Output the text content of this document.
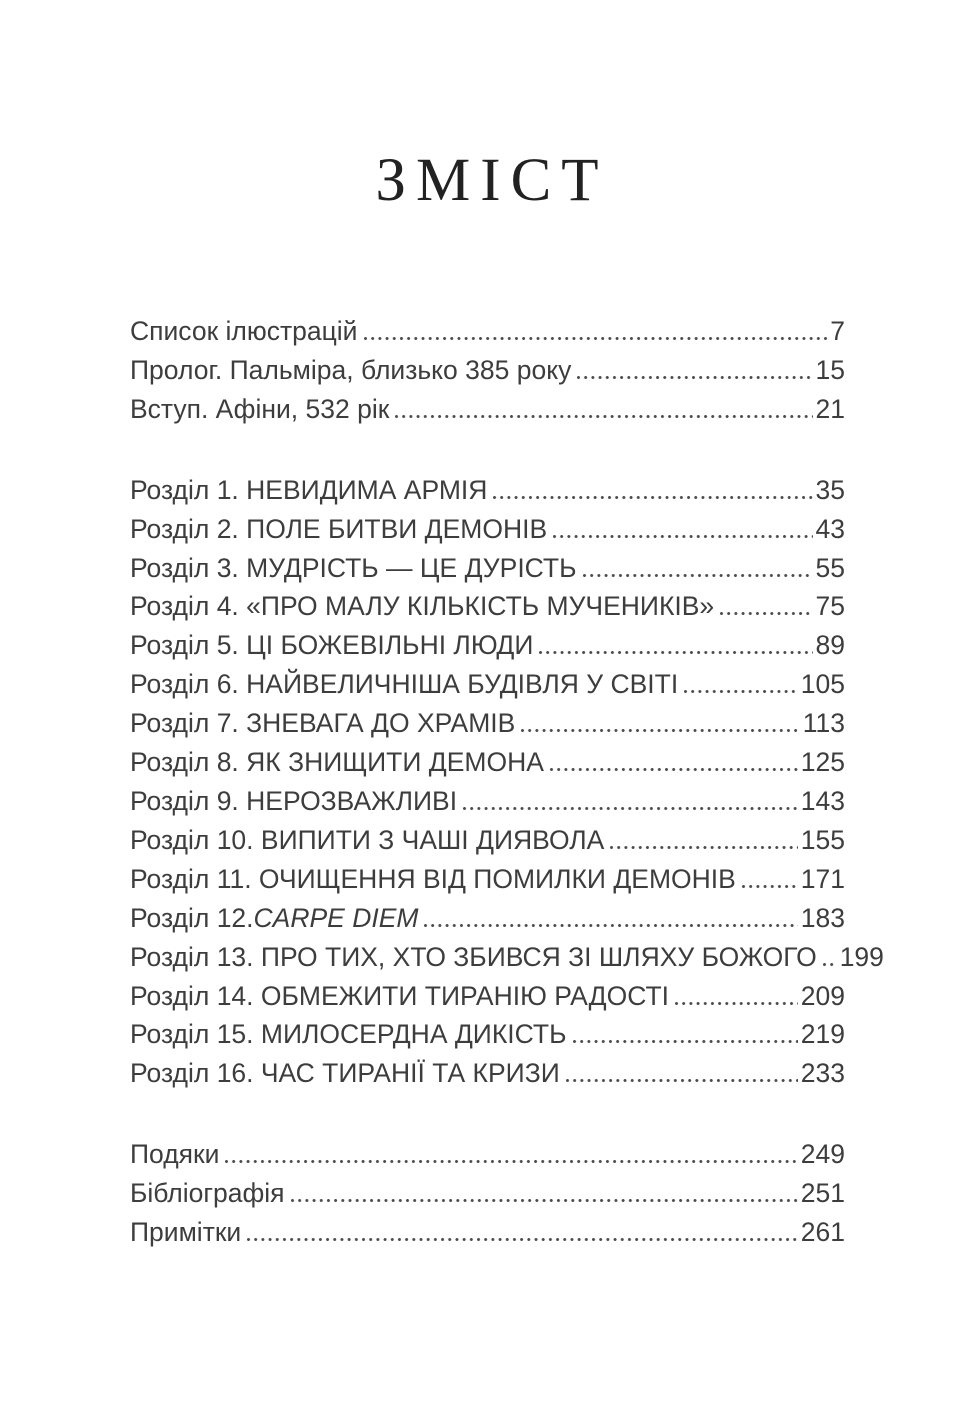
ЗМІСТ
Список ілюстрацій	7
Пролог. Пальміра, близько 385 року	15
Вступ. Афіни, 532 рік	21
Розділ 1. НЕВИДИМА АРМІЯ	35
Розділ 2. ПОЛЕ БИТВИ ДЕМОНІВ	43
Розділ 3. МУДРІСТЬ — ЦЕ ДУРІСТЬ	55
Розділ 4. «ПРО МАЛУ КІЛЬКІСТЬ МУЧЕНИКІВ»	75
Розділ 5. ЦІ БОЖЕВІЛЬНІ ЛЮДИ	89
Розділ 6. НАЙВЕЛИЧНІША БУДІВЛЯ У СВІТІ	105
Розділ 7. ЗНЕВАГА ДО ХРАМІВ	113
Розділ 8. ЯК ЗНИЩИТИ ДЕМОНА	125
Розділ 9. НЕРОЗВАЖЛИВІ	143
Розділ 10. ВИПИТИ З ЧАШІ ДИЯВОЛА	155
Розділ 11. ОЧИЩЕННЯ ВІД ПОМИЛКИ ДЕМОНІВ 171
Розділ 12. CARPE DIEM	183
Розділ 13. ПРО ТИХ, ХТО ЗБИВСЯ ЗІ ШЛЯХУ БОЖОГО 199
Розділ 14. ОБМЕЖИТИ ТИРАНІЮ РАДОСТІ	209
Розділ 15. МИЛОСЕРДНА ДИКІСТЬ	219
Розділ 16. ЧАС ТИРАНІЇ ТА КРИЗИ	233
Подяки	249
Бібліографія	251
Примітки	261
